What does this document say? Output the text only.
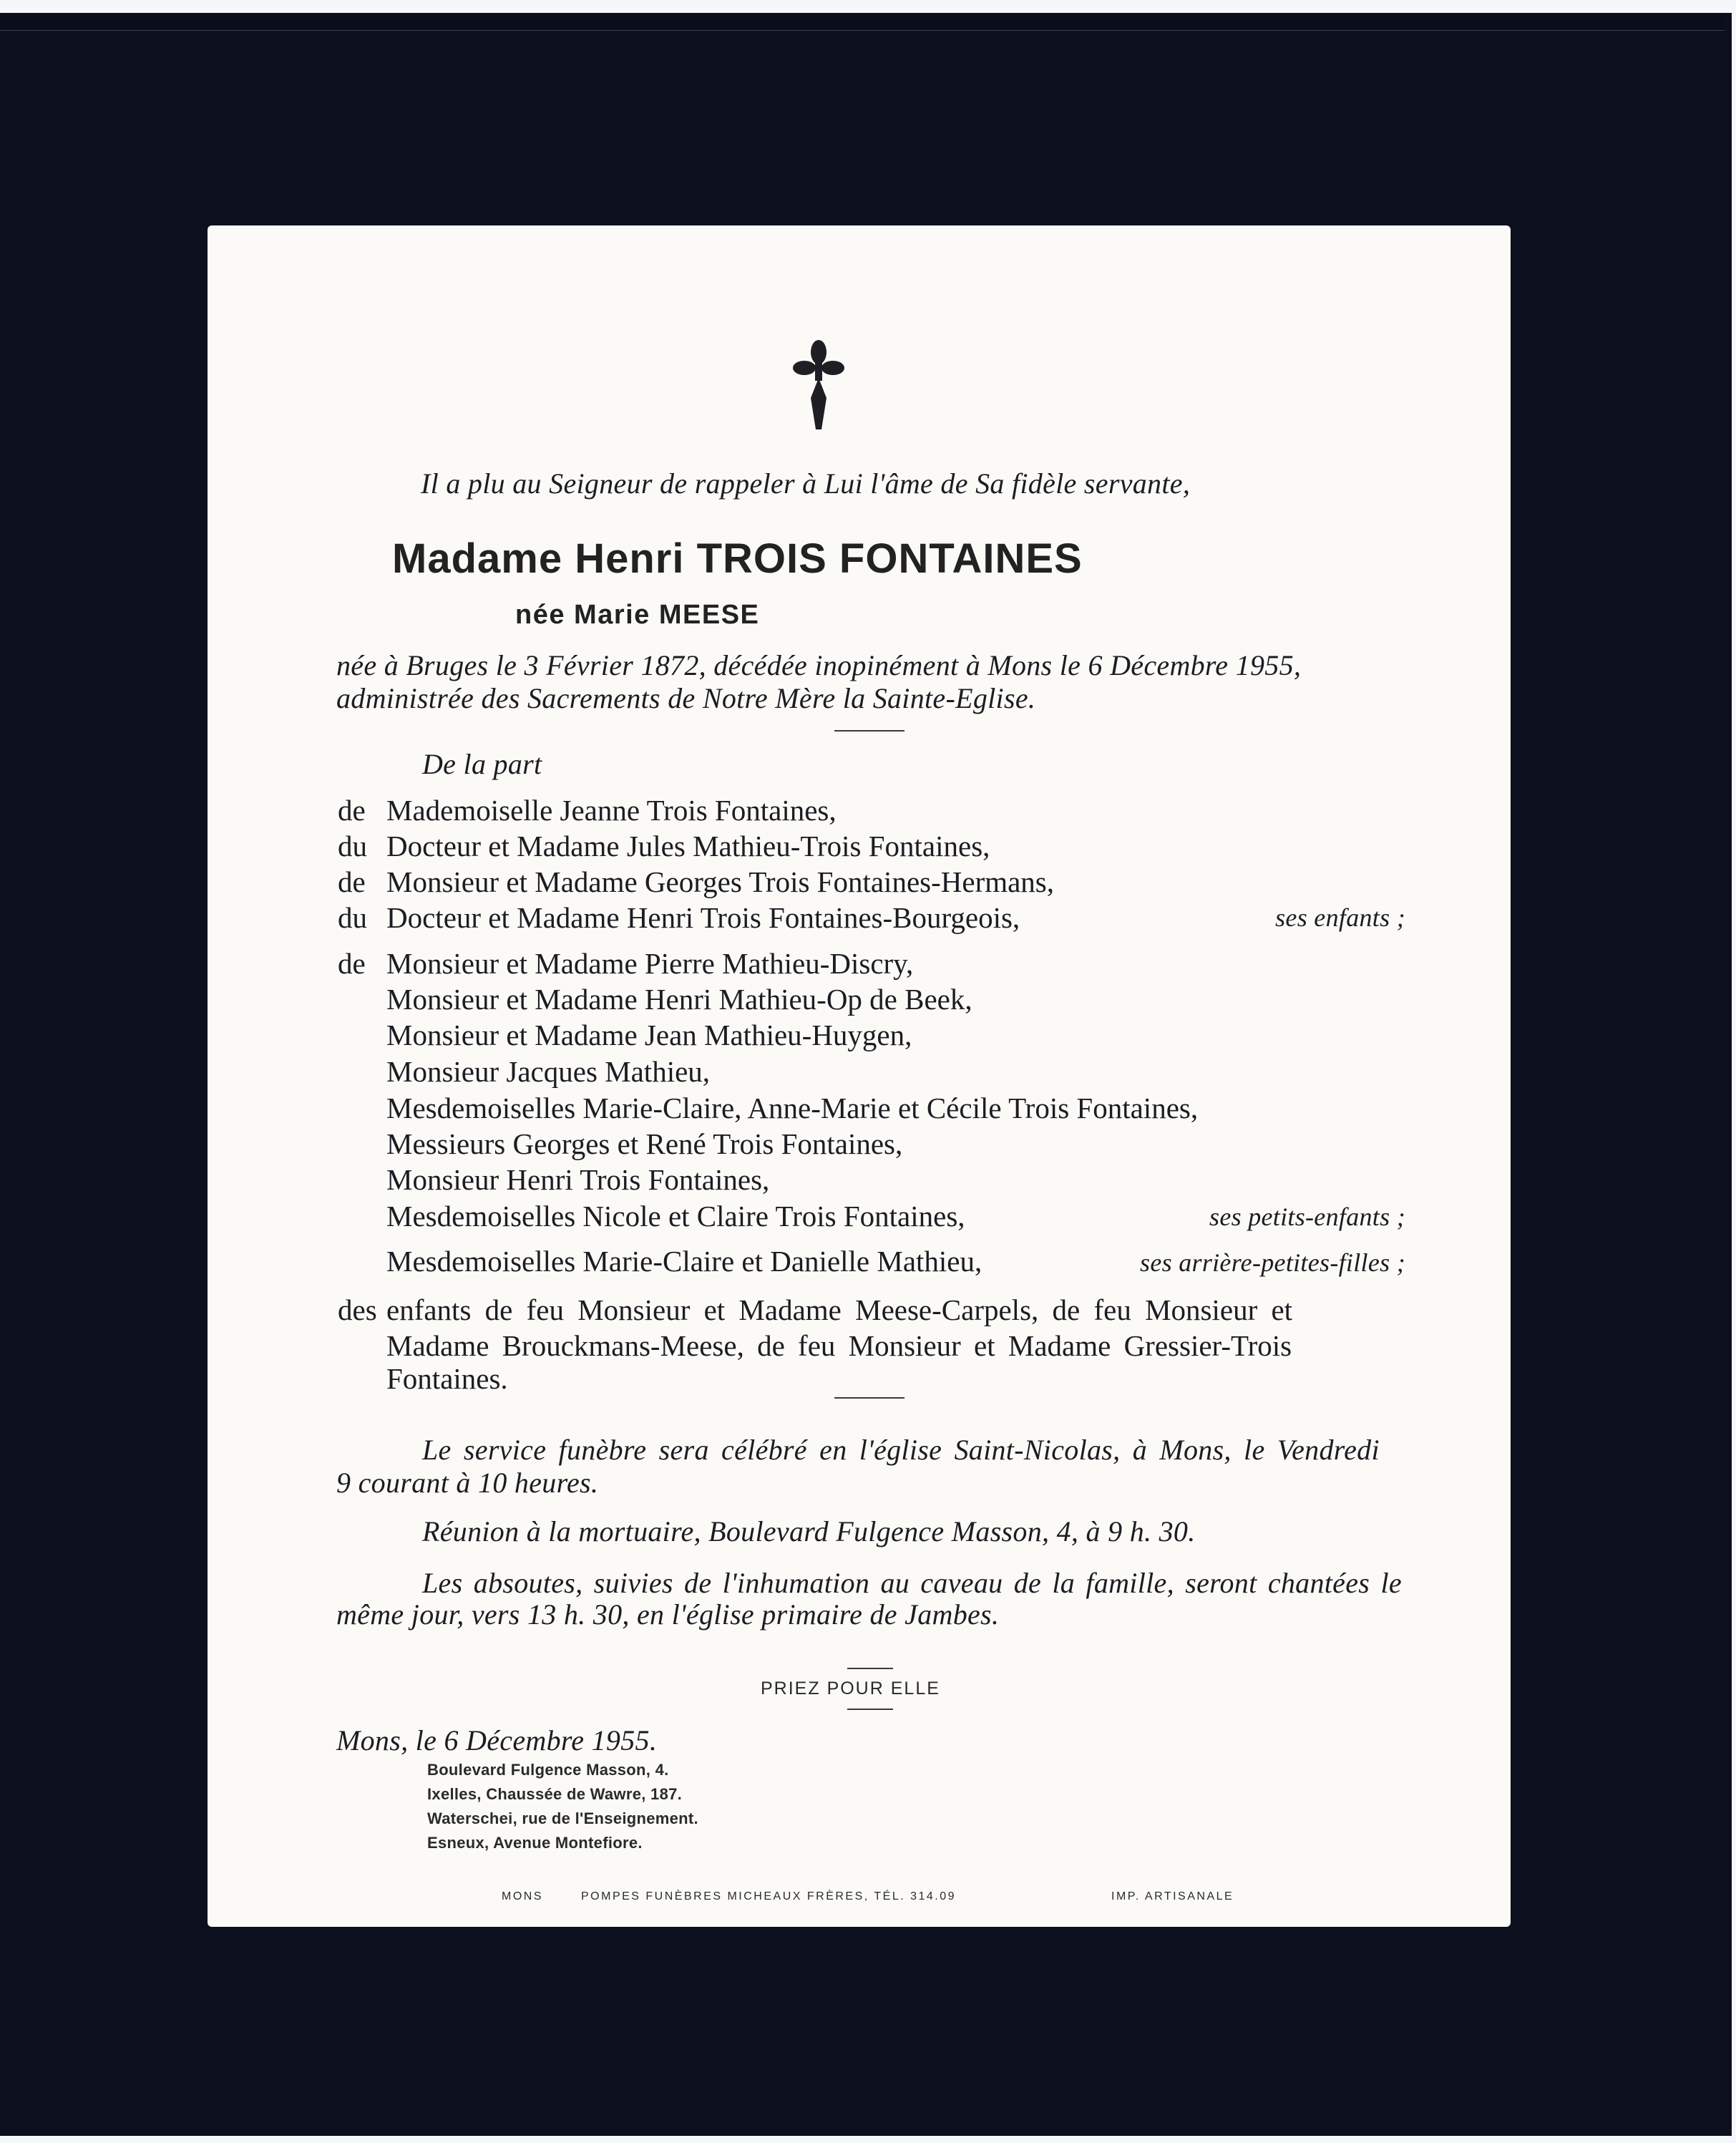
Il a plu au Seigneur de rappeler à Lui l'âme de Sa fidèle servante,
Madame Henri TROIS FONTAINES
née Marie MEESE
née à Bruges le 3 Février 1872, décédée inopinément à Mons le 6 Décembre 1955,
administrée des Sacrements de Notre Mère la Sainte-Eglise.
De la part
de Mademoiselle Jeanne Trois Fontaines,
du Docteur et Madame Jules Mathieu-Trois Fontaines,
de Monsieur et Madame Georges Trois Fontaines-Hermans,
du Docteur et Madame Henri Trois Fontaines-Bourgeois,	ses enfants ;
de Monsieur et Madame Pierre Mathieu-Discry,
Monsieur et Madame Henri Mathieu-Op de Beek,
Monsieur et Madame Jean Mathieu-Huygen,
Monsieur Jacques Mathieu,
Mesdemoiselles Marie-Claire, Anne-Marie et Cécile Trois Fontaines,
Messieurs Georges et René Trois Fontaines,
Monsieur Henri Trois Fontaines,
Mesdemoiselles Nicole et Claire Trois Fontaines,	ses petits-enfants ;
Mesdemoiselles Marie-Claire et Danielle Mathieu,	ses arrière-petites-filles ;
des enfants de feu Monsieur et Madame Meese-Carpels, de feu Monsieur et
Madame Brouckmans-Meese, de feu Monsieur et Madame Gressier-Trois
Fontaines.
Le service funèbre sera célébré en l'église Saint-Nicolas, à Mons, le Vendredi
9 courant à 10 heures.
Réunion à la mortuaire, Boulevard Fulgence Masson, 4, à 9 h. 30.
Les absoutes, suivies de l'inhumation au caveau de la famille, seront chantées le
même jour, vers 13 h. 30, en l'église primaire de Jambes.
PRIEZ POUR ELLE
Mons, le 6 Décembre 1955.
Boulevard Fulgence Masson, 4.
Ixelles, Chaussée de Wawre, 187.
Waterschei, rue de l'Enseignement.
Esneux, Avenue Montefiore.
MONS	POMPES FUNÈBRES MICHEAUX FRÈRES, TÉL. 314.09	IMP. ARTISANALE
